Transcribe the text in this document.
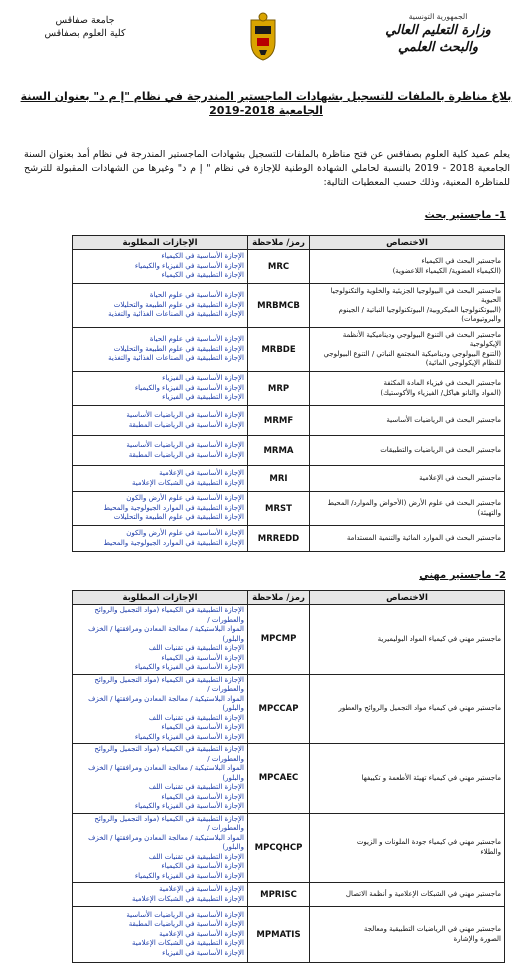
جامعة صفاقس
كلية العلوم بصفاقس
الجمهورية التونسية
وزارة التعليم العالي
والبحث العلمي
بلاغ مناظرة بالملفات للتسجيل بشهادات الماجستير المندرجة في نظام "إ م د" بعنوان السنة الجامعية 2018-2019
يعلم عميد كلية العلوم بصفاقس عن فتح مناظرة بالملفات للتسجيل بشهادات الماجستير المندرجة في نظام أمد بعنوان السنة الجامعية 2018 - 2019 بالنسبة لحاملي الشهادة الوطنية للإجازة في نظام " إ م د" وغيرها من الشهادات المقبولة للترشح للمناظرة المعنية، وذلك حسب المعطيات التالية:
1- ماجستير بحث
الاختصاص	رمز/ ملاحظة	الإجازات المطلوبة

ماجستير البحث في الكيمياء
(الكيمياء العضوية/ الكيمياء اللاعضوية)	MRC	الإجازة الأساسية في الكيمياء
الإجازة الأساسية في الفيزياء والكيمياء
الإجازة التطبيقية في الكيمياء

ماجستير البحث في البيولوجيا الجزيئية والخلوية والتكنولوجيا الحيوية
(البيوتكنولوجيا الميكروبية/ البيوتكنولوجيا النباتية / الجينوم والبروتيومات)	MRBMCB	الإجازة الأساسية في علوم الحياة
الإجازة التطبيقية في علوم الطبيعة والتحليلات
الإجازة التطبيقية في الصناعات الغذائية والتغذية

ماجستير البحث في التنوع البيولوجي وديناميكية الأنظمة الإيكولوجية
(التنوع البيولوجي وديناميكية المجتمع النباتي / التنوع البيولوجي للنظام الإيكولوجي المائية)	MRBDE	الإجازة الأساسية في علوم الحياة
الإجازة التطبيقية في علوم الطبيعة والتحليلات
الإجازة التطبيقية في الصناعات الغذائية والتغذية

ماجستير البحث في فيزياء المادة المكثفة
(المواد والنانو هياكل/ الفيزياء والأكوستيك)	MRP	الإجازة الأساسية في الفيزياء
الإجازة الأساسية في الفيزياء والكيمياء
الإجازة التطبيقية في الفيزياء

ماجستير البحث في الرياضيات الأساسية	MRMF	الإجازة الأساسية في الرياضيات الأساسية
الإجازة الأساسية في الرياضيات المطبقة

ماجستير البحث في الرياضيات والتطبيقات	MRMA	الإجازة الأساسية في الرياضيات الأساسية
الإجازة الأساسية في الرياضيات المطبقة

ماجستير البحث في الإعلامية	MRI	الإجازة الأساسية في الإعلامية
الإجازة التطبيقية في الشبكات الإعلامية

ماجستير البحث في علوم الأرض (الأحواض والموارد/ المحيط والتهيئة)	MRST	الإجازة الأساسية في علوم الأرض والكون
الإجازة التطبيقية في الموارد الجيولوجية والمحيط
الإجازة التطبيقية في علوم الطبيعة والتحليلات

ماجستير البحث في الموارد المائية والتنمية المستدامة	MRREDD	الإجازة الأساسية في علوم الأرض والكون
الإجازة التطبيقية في الموارد الجيولوجية والمحيط
2- ماجستير مهني
الاختصاص	رمز/ ملاحظة	الإجازات المطلوبة

ماجستير مهني في كيمياء المواد البوليميرية	MPCMP	الإجازة التطبيقية في الكيمياء (مواد التجميل والروائح والعطورات /
المواد البلاستيكية / معالجة المعادن ومرافقتها / الخزف والبلور)
الإجازة التطبيقية في تقنيات اللف
الإجازة الأساسية في الكيمياء
الإجازة الأساسية في الفيزياء والكيمياء

ماجستير مهني في كيمياء مواد التجميل والروائح والعطور	MPCCAP	الإجازة التطبيقية في الكيمياء (مواد التجميل والروائح والعطورات /
المواد البلاستيكية / معالجة المعادن ومرافقتها / الخزف والبلور)
الإجازة التطبيقية في تقنيات اللف
الإجازة الأساسية في الكيمياء
الإجازة الأساسية في الفيزياء والكيمياء

ماجستير مهني في كيمياء تهيئة الأطعمة و تكييفها	MPCAEC	الإجازة التطبيقية في الكيمياء (مواد التجميل والروائح والعطورات /
المواد البلاستيكية / معالجة المعادن ومرافقتها / الخزف والبلور)
الإجازة التطبيقية في تقنيات اللف
الإجازة الأساسية في الكيمياء
الإجازة الأساسية في الفيزياء والكيمياء

ماجستير مهني في كيمياء جودة الملونات و الزيوت
والطلاء	MPCQHCP	الإجازة التطبيقية في الكيمياء (مواد التجميل والروائح والعطورات /
المواد البلاستيكية / معالجة المعادن ومرافقتها / الخزف والبلور)
الإجازة التطبيقية في تقنيات اللف
الإجازة الأساسية في الكيمياء
الإجازة الأساسية في الفيزياء والكيمياء

ماجستير مهني في الشبكات الإعلامية و أنظمة الاتصال	MPRISC	الإجازة الأساسية في الإعلامية
الإجازة التطبيقية في الشبكات الإعلامية

ماجستير مهني في الرياضيات التطبيقية ومعالجة
الصورة والإشارة	MPMATIS	الإجازة الأساسية في الرياضيات الأساسية
الإجازة الأساسية في الرياضيات المطبقة
الإجازة الأساسية في الإعلامية
الإجازة التطبيقية في الشبكات الإعلامية
الإجازة الأساسية في الفيزياء
